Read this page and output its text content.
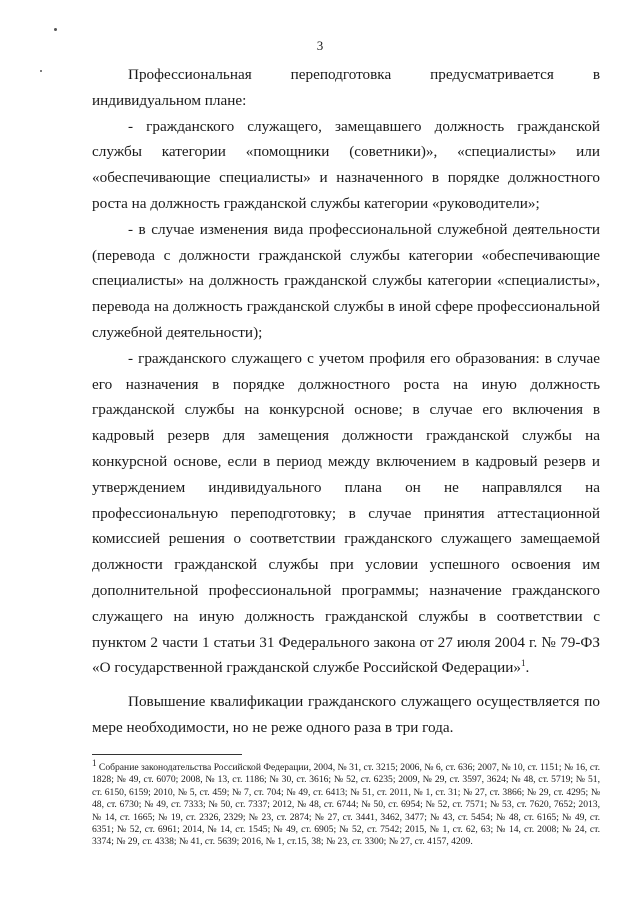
3

Профессиональная переподготовка предусматривается в индивидуальном плане:

- гражданского служащего, замещавшего должность гражданской службы категории «помощники (советники)», «специалисты» или «обеспечивающие специалисты» и назначенного в порядке должностного роста на должность гражданской службы категории «руководители»;

- в случае изменения вида профессиональной служебной деятельности (перевода с должности гражданской службы категории «обеспечивающие специалисты» на должность гражданской службы категории «специалисты», перевода на должность гражданской службы в иной сфере профессиональной служебной деятельности);

- гражданского служащего с учетом профиля его образования: в случае его назначения в порядке должностного роста на иную должность гражданской службы на конкурсной основе; в случае его включения в кадровый резерв для замещения должности гражданской службы на конкурсной основе, если в период между включением в кадровый резерв и утверждением индивидуального плана он не направлялся на профессиональную переподготовку; в случае принятия аттестационной комиссией решения о соответствии гражданского служащего замещаемой должности гражданской службы при условии успешного освоения им дополнительной профессиональной программы; назначение гражданского служащего на иную должность гражданской службы в соответствии с пунктом 2 части 1 статьи 31 Федерального закона от 27 июля 2004 г. № 79-ФЗ «О государственной гражданской службе Российской Федерации»$^1$.

Повышение квалификации гражданского служащего осуществляется по мере необходимости, но не реже одного раза в три года.

$^1$ Собрание законодательства Российской Федерации, 2004, № 31, ст. 3215; 2006, № 6, ст. 636; 2007, № 10, ст. 1151; № 16, ст. 1828; № 49, ст. 6070; 2008, № 13, ст. 1186; № 30, ст. 3616; № 52, ст. 6235; 2009, № 29, ст. 3597, 3624; № 48, ст. 5719; № 51, ст. 6150, 6159; 2010, № 5, ст. 459; № 7, ст. 704; № 49, ст. 6413; № 51, ст. 2011, № 1, ст. 31; № 27, ст. 3866; № 29, ст. 4295; № 48, ст. 6730; № 49, ст. 7333; № 50, ст. 7337; 2012, № 48, ст. 6744; № 50, ст. 6954; № 52, ст. 7571; № 53, ст. 7620, 7652; 2013, № 14, ст. 1665; № 19, ст. 2326, 2329; № 23, ст. 2874; № 27, ст. 3441, 3462, 3477; № 43, ст. 5454; № 48, ст. 6165; № 49, ст. 6351; № 52, ст. 6961; 2014, № 14, ст. 1545; № 49, ст. 6905; № 52, ст. 7542; 2015, № 1, ст. 62, 63; № 14, ст. 2008; № 24, ст. 3374; № 29, ст. 4338; № 41, ст. 5639; 2016, № 1, ст.15, 38; № 23, ст. 3300; № 27, ст. 4157, 4209.
